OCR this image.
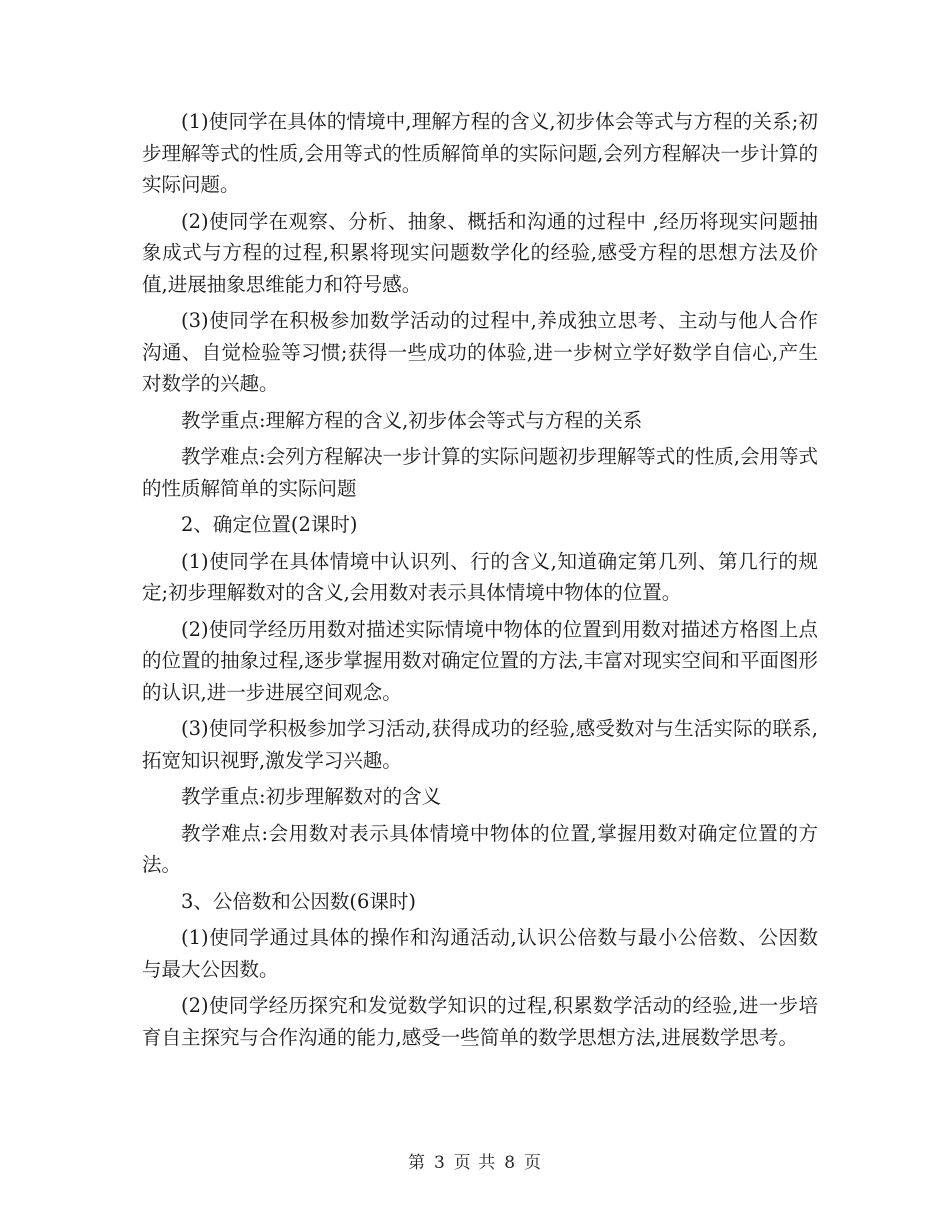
(1)使同学在具体的情境中,理解方程的含义,初步体会等式与方程的关系;初步理解等式的性质,会用等式的性质解简单的实际问题,会列方程解决一步计算的实际问题。

(2)使同学在观察、分析、抽象、概括和沟通的过程中 ,经历将现实问题抽象成式与方程的过程,积累将现实问题数学化的经验,感受方程的思想方法及价值,进展抽象思维能力和符号感。

(3)使同学在积极参加数学活动的过程中,养成独立思考、主动与他人合作沟通、自觉检验等习惯;获得一些成功的体验,进一步树立学好数学自信心,产生对数学的兴趣。

教学重点:理解方程的含义,初步体会等式与方程的关系

教学难点:会列方程解决一步计算的实际问题初步理解等式的性质,会用等式的性质解简单的实际问题

2、确定位置(2课时)

(1)使同学在具体情境中认识列、行的含义,知道确定第几列、第几行的规定;初步理解数对的含义,会用数对表示具体情境中物体的位置。

(2)使同学经历用数对描述实际情境中物体的位置到用数对描述方格图上点的位置的抽象过程,逐步掌握用数对确定位置的方法,丰富对现实空间和平面图形的认识,进一步进展空间观念。

(3)使同学积极参加学习活动,获得成功的经验,感受数对与生活实际的联系,拓宽知识视野,激发学习兴趣。

教学重点:初步理解数对的含义

教学难点:会用数对表示具体情境中物体的位置,掌握用数对确定位置的方法。

3、公倍数和公因数(6课时)

(1)使同学通过具体的操作和沟通活动,认识公倍数与最小公倍数、公因数与最大公因数。

(2)使同学经历探究和发觉数学知识的过程,积累数学活动的经验,进一步培育自主探究与合作沟通的能力,感受一些简单的数学思想方法,进展数学思考。

第 3 页 共 8 页
